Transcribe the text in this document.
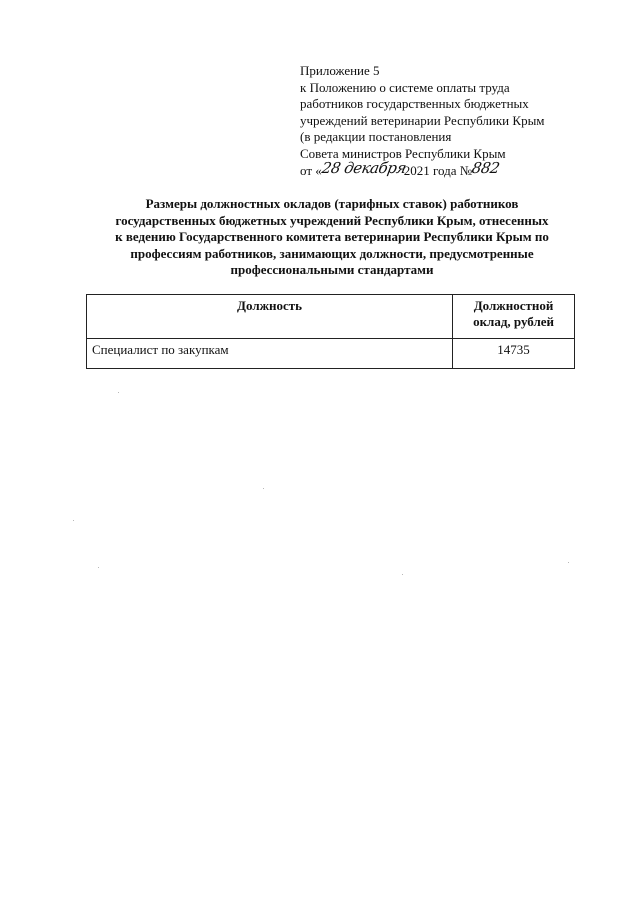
Приложение 5
к Положению о системе оплаты труда
работников государственных бюджетных
учреждений ветеринарии Республики Крым
(в редакции постановления
Совета министров Республики Крым
от «28 декабря2021 года №882
Размеры должностных окладов (тарифных ставок) работников
государственных бюджетных учреждений Республики Крым, отнесенных
к ведению Государственного комитета ветеринарии Республики Крым по
профессиям работников, занимающих должности, предусмотренные
профессиональными стандартами
Должность	Должностной
оклад, рублей
Специалист по закупкам	14735
